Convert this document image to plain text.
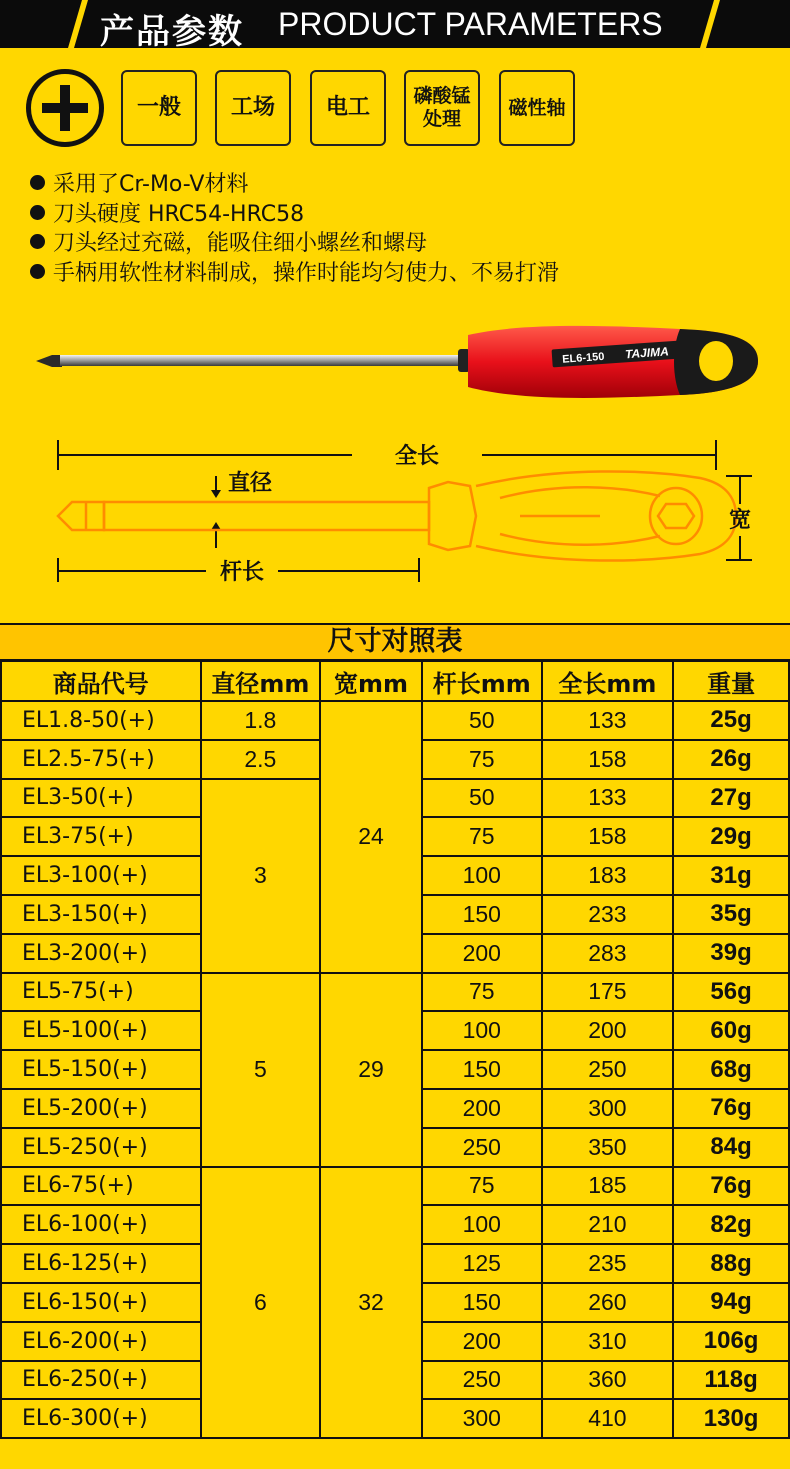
产品参数 PRODUCT PARAMETERS
一般 工场 电工 磷酸锰
处理
磁性轴
采用了Cr-Mo-V材料
刀头硬度 HRC54-HRC58
刀头经过充磁，能吸住细小螺丝和螺母
手柄用软性材料制成，操作时能均匀使力、不易打滑
EL6-150 TAJIMA
全长
直径
宽
杆长
尺寸对照表
商品代号	直径mm	宽mm	杆长mm	全长mm	重量
EL1.8-50(+)	1.8	24	50	133	25g
EL2.5-75(+)	2.5		75	158	26g
EL3-50(+)	3		50	133	27g
EL3-75(+)			75	158	29g
EL3-100(+)			100	183	31g
EL3-150(+)			150	233	35g
EL3-200(+)			200	283	39g
EL5-75(+)	5	29	75	175	56g
EL5-100(+)			100	200	60g
EL5-150(+)			150	250	68g
EL5-200(+)			200	300	76g
EL5-250(+)			250	350	84g
EL6-75(+)	6	32	75	185	76g
EL6-100(+)			100	210	82g
EL6-125(+)			125	235	88g
EL6-150(+)			150	260	94g
EL6-200(+)			200	310	106g
EL6-250(+)			250	360	118g
EL6-300(+)			300	410	130g
